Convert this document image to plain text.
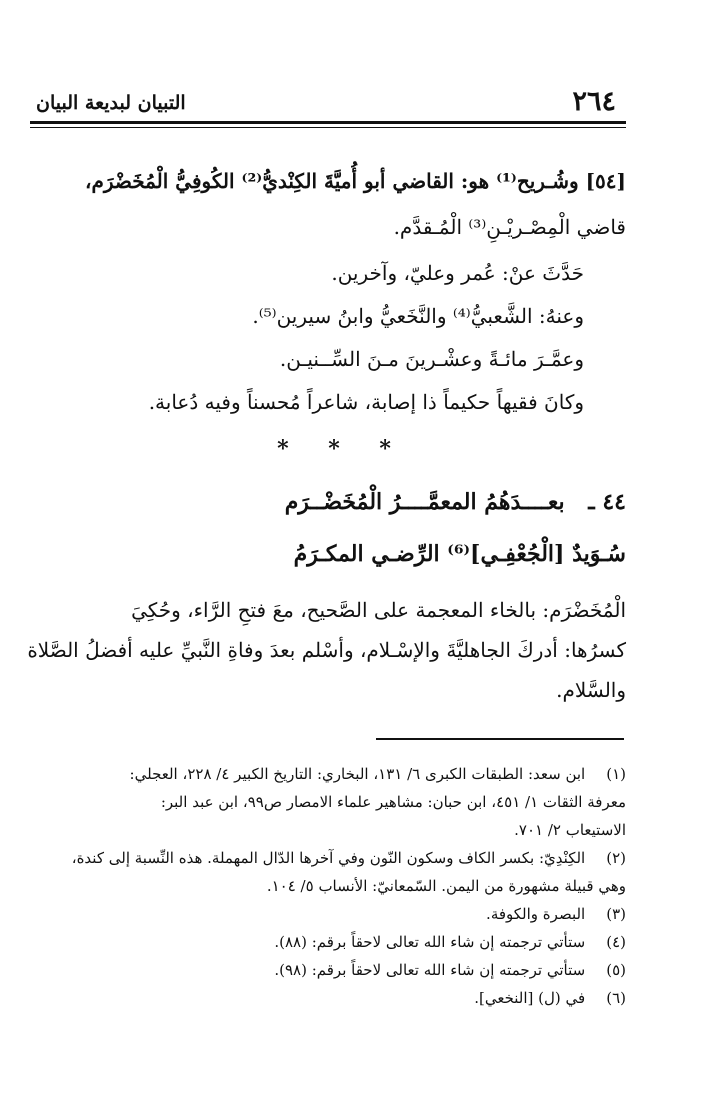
٢٦٤
التبيان لبديعة البيان

[٥٤] وشُـريح⁽¹⁾ هو: القاضي أبو أُميَّةَ الكِنْديُّ⁽²⁾ الكُوفِيُّ الْمُخَضْرَم،

قاضي الْمِصْـريْـنِ⁽³⁾ الْمُـقدَّم.

حَدَّثَ عنْ: عُمر وعليّ، وآخرين.

وعنهُ: الشَّعبيُّ⁽⁴⁾ والنَّخَعيُّ وابنُ سيرين⁽⁵⁾.

وعمَّـرَ مائـةً وعشْـرينَ مـنَ السِّــنيـن.

وكانَ فقيهاً حكيماً ذا إصابة، شاعراً مُحسناً وفيه دُعابة.

* * *
٤٤ ـ بعــــدَهُمُ المعمَّــــرُ الْمُخَضْــرَم
سُـوَيدٌ [الْجُعْفِـي]⁽⁶⁾ الرِّضـي المكـرَمُ
الْمُخَضْرَم: بالخاء المعجمة على الصَّحيح، معَ فتحِ الرَّاء، وحُكِيَ
كسرُها: أدركَ الجاهليَّةَ والإسْـلام، وأسْلم بعدَ وفاةِ النَّبيِّ عليه أفضلُ الصَّلاة
والسَّلام.
(١) ابن سعد: الطبقات الكبرى ٦/ ١٣١، البخاري: التاريخ الكبير ٤/ ٢٢٨، العجلي:
معرفة الثقات ١/ ٤٥١، ابن حبان: مشاهير علماء الامصار ص٩٩، ابن عبد البر:
الاستيعاب ٢/ ٧٠١.
(٢) الكِنْدِيّ: بكسر الكاف وسكون النّون وفي آخرها الدّال المهملة. هذه النِّسبة إلى كندة،
وهي قبيلة مشهورة من اليمن. السّمعانيّ: الأنساب ٥/ ١٠٤.
(٣) البصرة والكوفة.
(٤) ستأتي ترجمته إن شاء الله تعالى لاحقاً برقم: (٨٨).
(٥) ستأتي ترجمته إن شاء الله تعالى لاحقاً برقم: (٩٨).
(٦) في (ل) [النخعي].
